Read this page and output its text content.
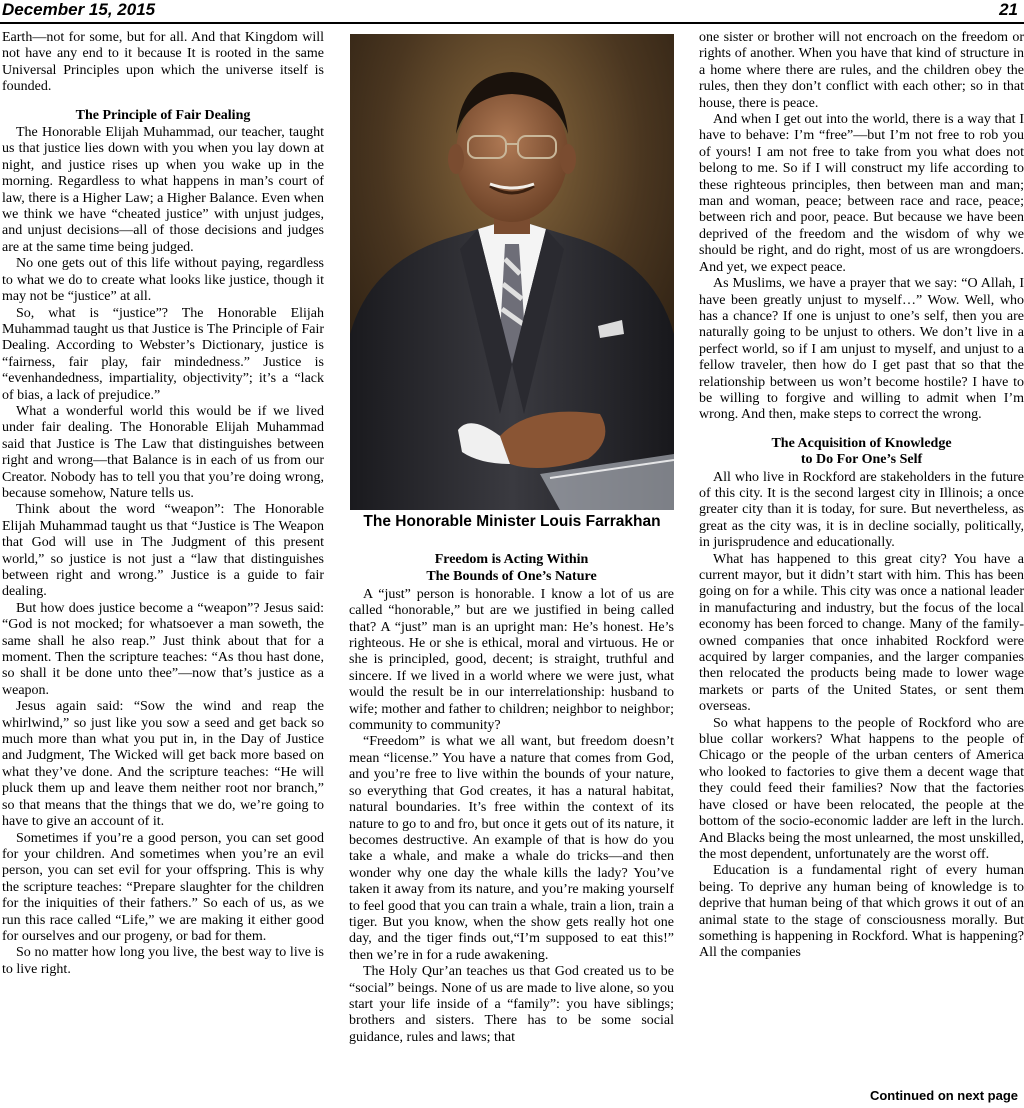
December 15, 2015	21

Earth—not for some, but for all. And that Kingdom will not have any end to it because It is rooted in the same Universal Principles upon which the universe itself is founded.

The Principle of Fair Dealing

The Honorable Elijah Muhammad, our teacher, taught us that justice lies down with you when you lay down at night, and justice rises up when you wake up in the morning. Regardless to what happens in man’s court of law, there is a Higher Law; a Higher Balance. Even when we think we have “cheated justice” with unjust judges, and unjust decisions—all of those decisions and judges are at the same time being judged.

No one gets out of this life without paying, regardless to what we do to create what looks like justice, though it may not be “justice” at all.

So, what is “justice”? The Honorable Elijah Muhammad taught us that Justice is The Principle of Fair Dealing. According to Webster’s Dictionary, justice is “fairness, fair play, fair mindedness.” Justice is “evenhandedness, impartiality, objectivity”; it’s a “lack of bias, a lack of prejudice.”

What a wonderful world this would be if we lived under fair dealing. The Honorable Elijah Muhammad said that Justice is The Law that distinguishes between right and wrong—that Balance is in each of us from our Creator. Nobody has to tell you that you’re doing wrong, because somehow, Nature tells us.

Think about the word “weapon”: The Honorable Elijah Muhammad taught us that “Justice is The Weapon that God will use in The Judgment of this present world,” so justice is not just a “law that distinguishes between right and wrong.” Justice is a guide to fair dealing.

But how does justice become a “weapon”? Jesus said: “God is not mocked; for whatsoever a man soweth, the same shall he also reap.” Just think about that for a moment. Then the scripture teaches: “As thou hast done, so shall it be done unto thee”—now that’s justice as a weapon.

Jesus again said: “Sow the wind and reap the whirlwind,” so just like you sow a seed and get back so much more than what you put in, in the Day of Justice and Judgment, The Wicked will get back more based on what they’ve done. And the scripture teaches: “He will pluck them up and leave them neither root nor branch,” so that means that the things that we do, we’re going to have to give an account of it.

Sometimes if you’re a good person, you can set good for your children. And sometimes when you’re an evil person, you can set evil for your offspring. This is why the scripture teaches: “Prepare slaughter for the children for the iniquities of their fathers.” So each of us, as we run this race called “Life,” we are making it either good for ourselves and our progeny, or bad for them.

So no matter how long you live, the best way to live is to live right.

The Honorable Minister Louis Farrakhan
Freedom is Acting Within
The Bounds of One’s Nature

A “just” person is honorable. I know a lot of us are called “honorable,” but are we justified in being called that? A “just” man is an upright man: He’s honest. He’s righteous. He or she is ethical, moral and virtuous. He or she is principled, good, decent; is straight, truthful and sincere. If we lived in a world where we were just, what would the result be in our interrelationship: husband to wife; mother and father to children; neighbor to neighbor; community to community?

“Freedom” is what we all want, but freedom doesn’t mean “license.” You have a nature that comes from God, and you’re free to live within the bounds of your nature, so everything that God creates, it has a natural habitat, natural boundaries. It’s free within the context of its nature to go to and fro, but once it gets out of its nature, it becomes destructive. An example of that is how do you take a whale, and make a whale do tricks—and then wonder why one day the whale kills the lady? You’ve taken it away from its nature, and you’re making yourself to feel good that you can train a whale, train a lion, train a tiger. But you know, when the show gets really hot one day, and the tiger finds out,“I’m supposed to eat this!” then we’re in for a rude awakening.

The Holy Qur’an teaches us that God created us to be “social” beings. None of us are made to live alone, so you start your life inside of a “family”: you have siblings; brothers and sisters. There has to be some social guidance, rules and laws; that

one sister or brother will not encroach on the freedom or rights of another. When you have that kind of structure in a home where there are rules, and the children obey the rules, then they don’t conflict with each other; so in that house, there is peace.

And when I get out into the world, there is a way that I have to behave: I’m “free”—but I’m not free to rob you of yours! I am not free to take from you what does not belong to me. So if I will construct my life according to these righteous principles, then between man and man; man and woman, peace; between race and race, peace; between rich and poor, peace. But because we have been deprived of the freedom and the wisdom of why we should be right, and do right, most of us are wrongdoers. And yet, we expect peace.

As Muslims, we have a prayer that we say: “O Allah, I have been greatly unjust to myself…” Wow. Well, who has a chance? If one is unjust to one’s self, then you are naturally going to be unjust to others. We don’t live in a perfect world, so if I am unjust to myself, and unjust to a fellow traveler, then how do I get past that so that the relationship between us won’t become hostile? I have to be willing to forgive and willing to admit when I’m wrong. And then, make steps to correct the wrong.

The Acquisition of Knowledge
to Do For One’s Self

All who live in Rockford are stakeholders in the future of this city. It is the second largest city in Illinois; a once greater city than it is today, for sure. But nevertheless, as great as the city was, it is in decline socially, politically, in jurisprudence and educationally.

What has happened to this great city? You have a current mayor, but it didn’t start with him. This has been going on for a while. This city was once a national leader in manufacturing and industry, but the focus of the local economy has been forced to change. Many of the family-owned companies that once inhabited Rockford were acquired by larger companies, and the larger companies then relocated the products being made to lower wage markets or parts of the United States, or sent them overseas.

So what happens to the people of Rockford who are blue collar workers? What happens to the people of Chicago or the people of the urban centers of America who looked to factories to give them a decent wage that they could feed their families? Now that the factories have closed or have been relocated, the people at the bottom of the socio-economic ladder are left in the lurch. And Blacks being the most unlearned, the most unskilled, the most dependent, unfortunately are the worst off.

Education is a fundamental right of every human being. To deprive any human being of knowledge is to deprive that human being of that which grows it out of an animal state to the stage of consciousness morally. But something is happening in Rockford. What is happening? All the companies

Continued on next page
